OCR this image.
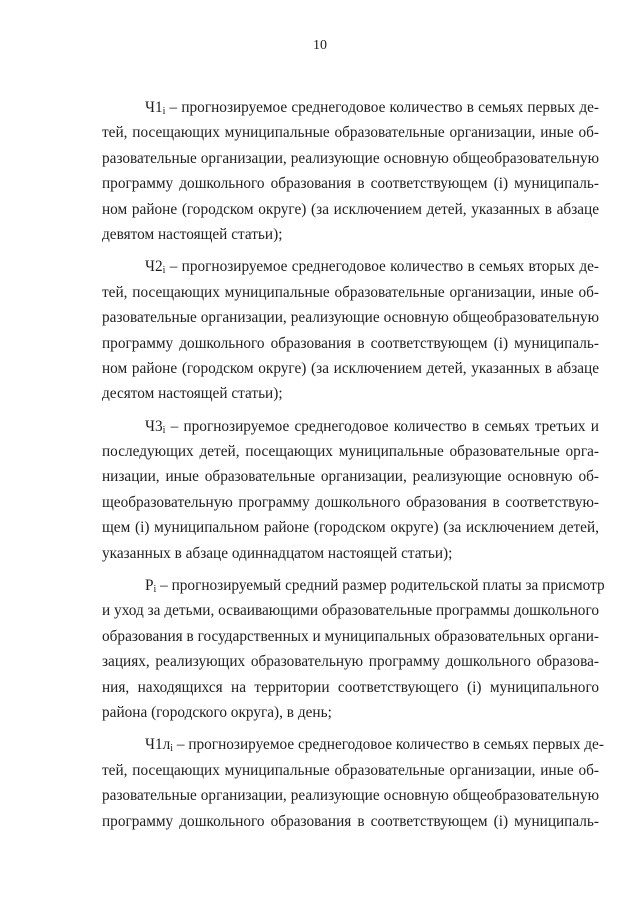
10
$Ч1_i$ – прогнозируемое среднегодовое количество в семьях первых де-
тей, посещающих муниципальные образовательные организации, иные об-
разовательные организации, реализующие основную общеобразовательную
программу дошкольного образования в соответствующем (i) муниципаль-
ном районе (городском округе) (за исключением детей, указанных в абзаце
девятом настоящей статьи);
$Ч2_i$ – прогнозируемое среднегодовое количество в семьях вторых де-
тей, посещающих муниципальные образовательные организации, иные об-
разовательные организации, реализующие основную общеобразовательную
программу дошкольного образования в соответствующем (i) муниципаль-
ном районе (городском округе) (за исключением детей, указанных в абзаце
десятом настоящей статьи);
$Ч3_i$ – прогнозируемое среднегодовое количество в семьях третьих и
последующих детей, посещающих муниципальные образовательные орга-
низации, иные образовательные организации, реализующие основную об-
щеобразовательную программу дошкольного образования в соответствую-
щем (i) муниципальном районе (городском округе) (за исключением детей,
указанных в абзаце одиннадцатом настоящей статьи);
$Р_i$ – прогнозируемый средний размер родительской платы за присмотр
и уход за детьми, осваивающими образовательные программы дошкольного
образования в государственных и муниципальных образовательных органи-
зациях, реализующих образовательную программу дошкольного образова-
ния, находящихся на территории соответствующего (i) муниципального
района (городского округа), в день;
$Ч1л_i$ – прогнозируемое среднегодовое количество в семьях первых де-
тей, посещающих муниципальные образовательные организации, иные об-
разовательные организации, реализующие основную общеобразовательную
программу дошкольного образования в соответствующем (i) муниципаль-
